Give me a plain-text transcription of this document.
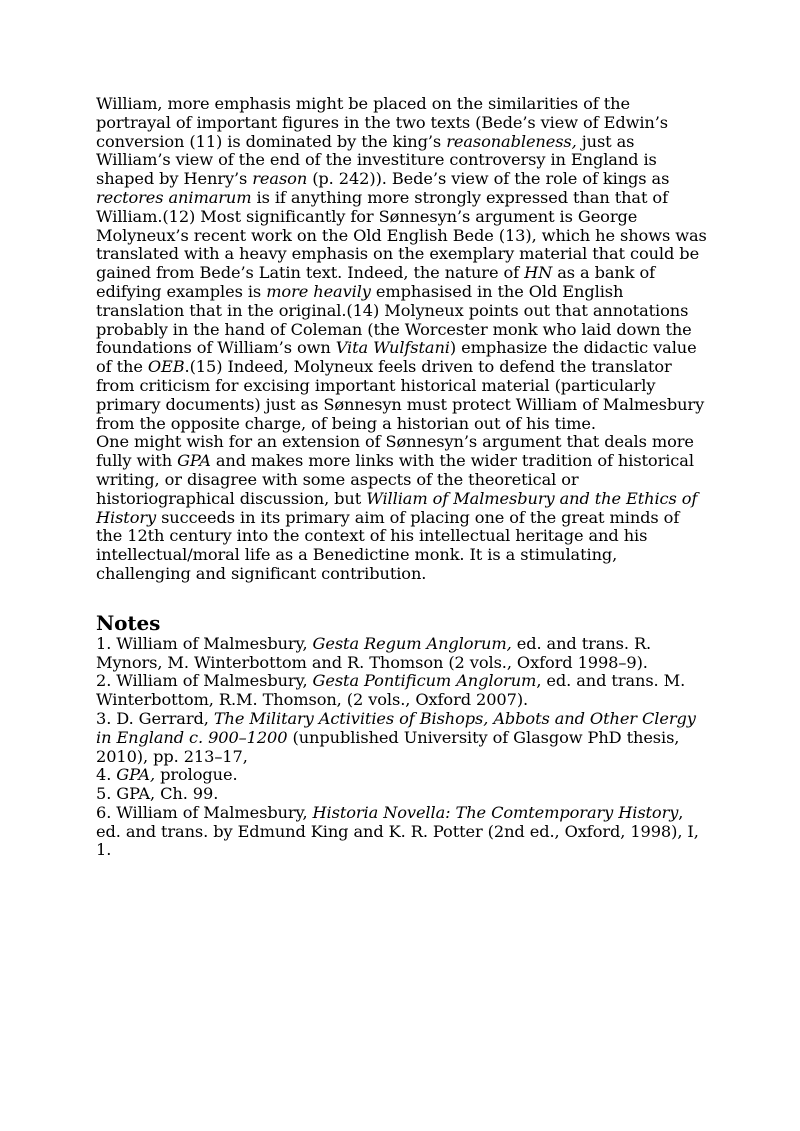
William, more emphasis might be placed on the similarities of the portrayal of important figures in the two texts (Bede’s view of Edwin’s conversion (11) is dominated by the king’s reasonableness, just as William’s view of the end of the investiture controversy in England is shaped by Henry’s reason (p. 242)). Bede’s view of the role of kings as rectores animarum is if anything more strongly expressed than that of William.(12) Most significantly for Sønnesyn’s argument is George Molyneux’s recent work on the Old English Bede (13), which he shows was translated with a heavy emphasis on the exemplary material that could be gained from Bede’s Latin text. Indeed, the nature of HN as a bank of edifying examples is more heavily emphasised in the Old English translation that in the original.(14) Molyneux points out that annotations probably in the hand of Coleman (the Worcester monk who laid down the foundations of William’s own Vita Wulfstani) emphasize the didactic value of the OEB.(15) Indeed, Molyneux feels driven to defend the translator from criticism for excising important historical material (particularly primary documents) just as Sønnesyn must protect William of Malmesbury from the opposite charge, of being a historian out of his time.

One might wish for an extension of Sønnesyn’s argument that deals more fully with GPA and makes more links with the wider tradition of historical writing, or disagree with some aspects of the theoretical or historiographical discussion, but William of Malmesbury and the Ethics of History succeeds in its primary aim of placing one of the great minds of the 12th century into the context of his intellectual heritage and his intellectual/moral life as a Benedictine monk. It is a stimulating, challenging and significant contribution.

Notes

1. William of Malmesbury, Gesta Regum Anglorum, ed. and trans. R. Mynors, M. Winterbottom and R. Thomson (2 vols., Oxford 1998–9).

2. William of Malmesbury, Gesta Pontificum Anglorum, ed. and trans. M. Winterbottom, R.M. Thomson, (2 vols., Oxford 2007).

3. D. Gerrard, The Military Activities of Bishops, Abbots and Other Clergy in England c. 900–1200 (unpublished University of Glasgow PhD thesis, 2010), pp. 213–17,

4. GPA, prologue.

5. GPA, Ch. 99.

6. William of Malmesbury, Historia Novella: The Comtemporary History, ed. and trans. by Edmund King and K. R. Potter (2nd ed., Oxford, 1998), I, 1.
